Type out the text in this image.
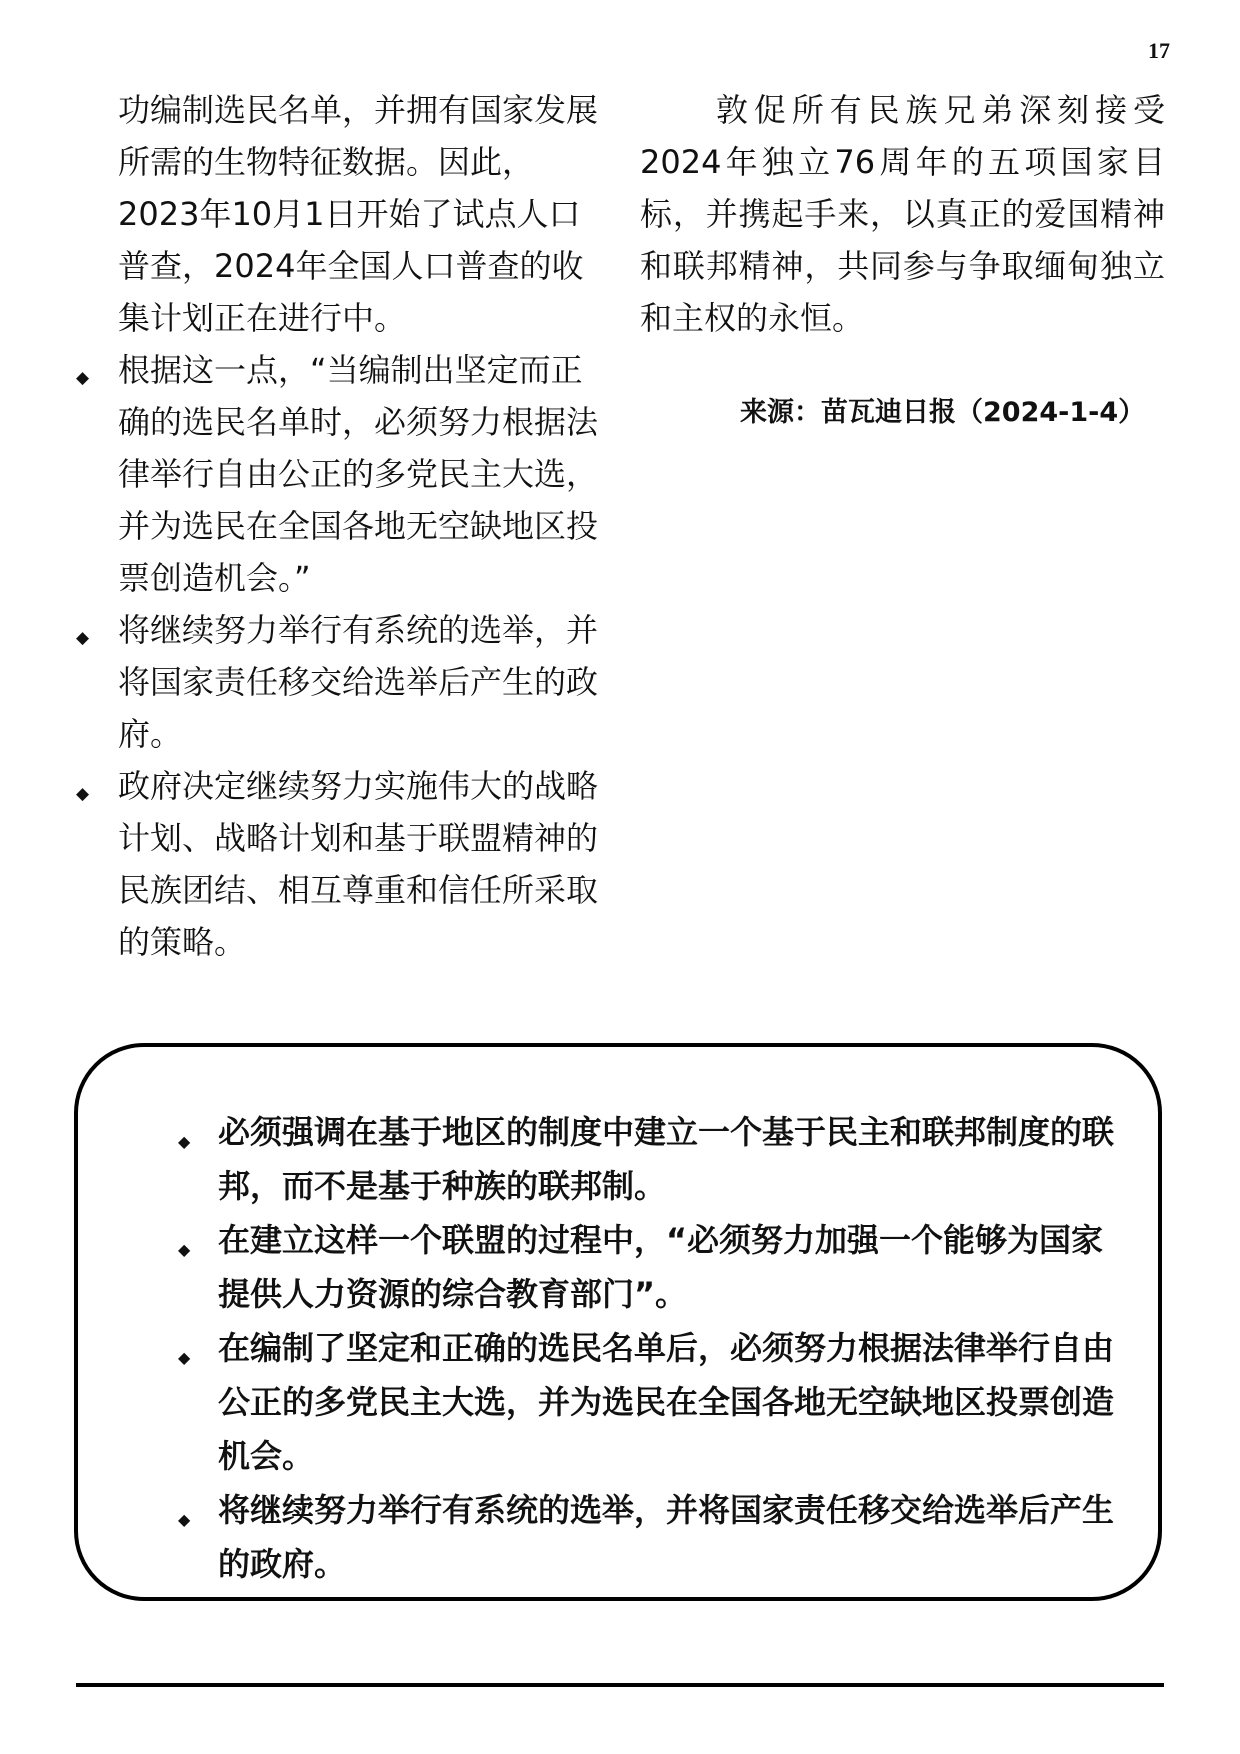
17

功编制选民名单，并拥有国家发展所需的生物特征数据。因此，2023年10月1日开始了试点人口普查，2024年全国人口普查的收集计划正在进行中。

◆ 根据这一点，“当编制出坚定而正确的选民名单时，必须努力根据法律举行自由公正的多党民主大选，并为选民在全国各地无空缺地区投票创造机会。”

◆ 将继续努力举行有系统的选举，并将国家责任移交给选举后产生的政府。

◆ 政府决定继续努力实施伟大的战略计划、战略计划和基于联盟精神的民族团结、相互尊重和信任所采取的策略。

敦促所有民族兄弟深刻接受2024年独立76周年的五项国家目标，并携起手来，以真正的爱国精神和联邦精神，共同参与争取缅甸独立和主权的永恒。

来源：苗瓦迪日报（2024-1-4）

◆ 必须强调在基于地区的制度中建立一个基于民主和联邦制度的联邦，而不是基于种族的联邦制。

◆ 在建立这样一个联盟的过程中，“必须努力加强一个能够为国家提供人力资源的综合教育部门”。

◆ 在编制了坚定和正确的选民名单后，必须努力根据法律举行自由公正的多党民主大选，并为选民在全国各地无空缺地区投票创造机会。

◆ 将继续努力举行有系统的选举，并将国家责任移交给选举后产生的政府。
